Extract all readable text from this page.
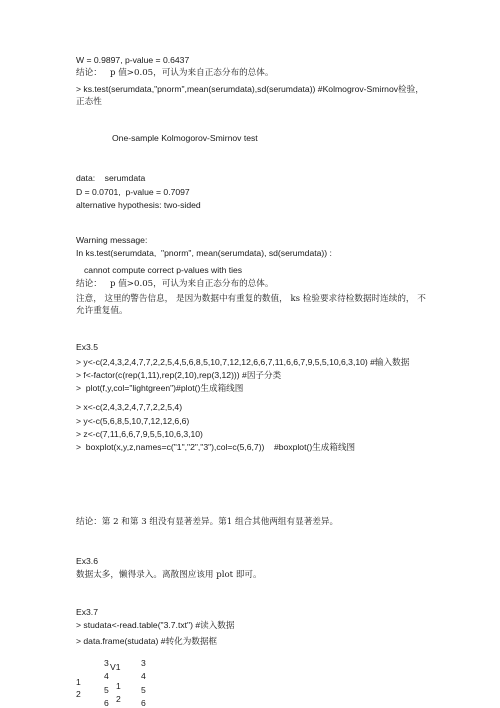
W = 0.9897, p-value = 0.6437
结论：   p 值>0.05，可认为来自正态分布的总体。
> ks.test(serumdata,"pnorm",mean(serumdata),sd(serumdata)) #Kolmogrov-Smirnov检验，正态性
One-sample Kolmogorov-Smirnov test
data:    serumdata
D = 0.0701,  p-value = 0.7097
alternative hypothesis: two-sided
Warning message:
In ks.test(serumdata,  "pnorm", mean(serumdata), sd(serumdata)) :
cannot compute correct p-values with ties
结论：   p 值>0.05，可认为来自正态分布的总体。
注意， 这里的警告信息， 是因为数据中有重复的数值， ks 检验要求待检数据时连续的， 不允许重复值。
Ex3.5
> y<-c(2,4,3,2,4,7,7,2,2,5,4,5,6,8,5,10,7,12,12,6,6,7,11,6,6,7,9,5,5,10,6,3,10) #输入数据
> f<-factor(c(rep(1,11),rep(2,10),rep(3,12))) #因子分类
>  plot(f,y,col="lightgreen")#plot()生成箱线图
> x<-c(2,4,3,2,4,7,7,2,2,5,4)
> y<-c(5,6,8,5,10,7,12,12,6,6)
> z<-c(7,11,6,6,7,9,5,5,10,6,3,10)
>  boxplot(x,y,z,names=c("1","2","3"),col=c(5,6,7))    #boxplot()生成箱线图
结论：第 2 和第 3 组没有显著差异。第1 组合其他两组有显著差异。
Ex3.6
数据太多，懒得录入。离散图应该用 plot 即可。
Ex3.7
> studata<-read.table("3.7.txt") #读入数据
> data.frame(studata) #转化为数据框
1
2
3
4
5
6
V1
1
2
3
4
5
6
